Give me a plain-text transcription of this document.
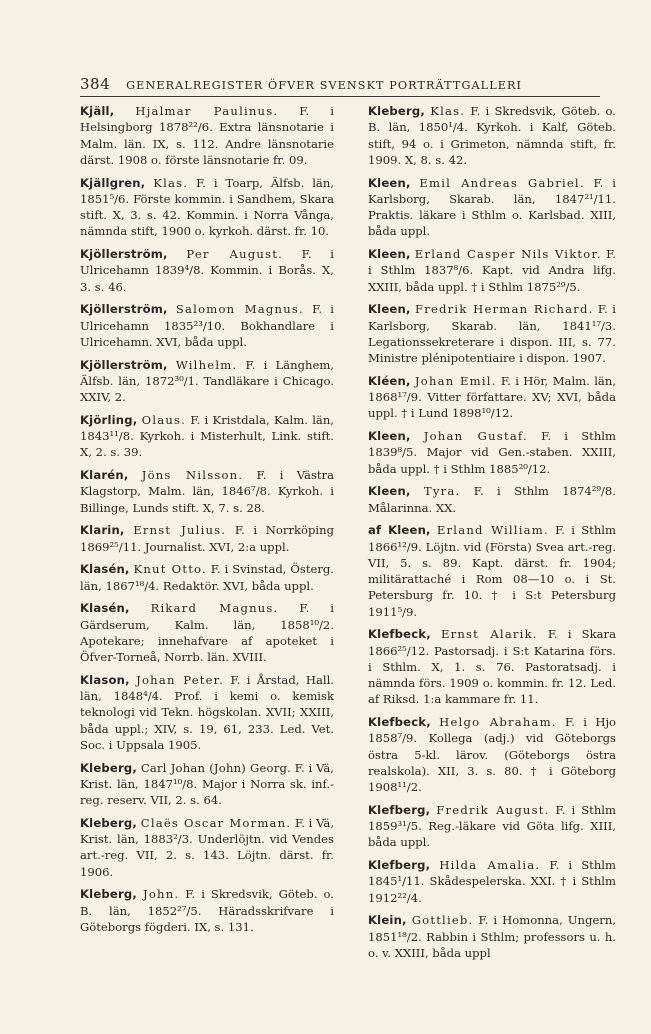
384 GENERALREGISTER ÖFVER SVENSKT PORTRÄTTGALLERI

Kjäll, Hjalmar Paulinus. F. i Helsingborg 1878²²/6. Extra länsnotarie i Malm. län. IX, s. 112. Andre länsnotarie därst. 1908 o. förste länsnotarie fr. 09.

Kjällgren, Klas. F. i Toarp, Älfsb. län, 1851⁵/6. Förste kommin. i Sandhem, Skara stift. X, 3. s. 42. Kommin. i Norra Vånga, nämnda stift, 1900 o. kyrkoh. därst. fr. 10.

Kjöllerström, Per August. F. i Ulricehamn 1839⁴/8. Kommin. i Borås. X, 3. s. 46.

Kjöllerström, Salomon Magnus. F. i Ulricehamn 1835²³/10. Bokhandlare i Ulricehamn. XVI, båda uppl.

Kjöllerström, Wilhelm. F. i Länghem, Älfsb. län, 1872³⁰/1. Tandläkare i Chicago. XXIV, 2.

Kjörling, Olaus. F. i Kristdala, Kalm. län, 1843¹¹/8. Kyrkoh. i Misterhult, Link. stift. X, 2. s. 39.

Klarén, Jöns Nilsson. F. i Västra Klagstorp, Malm. län, 1846⁷/8. Kyrkoh. i Billinge, Lunds stift. X, 7. s. 28.

Klarin, Ernst Julius. F. i Norrköping 1869²⁵/11. Journalist. XVI, 2:a uppl.

Klasén, Knut Otto. F. i Svinstad, Österg. län, 1867¹⁸/4. Redaktör. XVI, båda uppl.

Klasén, Rikard Magnus. F. i Gärdserum, Kalm. län, 1858¹⁰/2. Apotekare; innehafvare af apoteket i Öfver-Torneå, Norrb. län. XVIII.

Klason, Johan Peter. F. i Årstad, Hall. län, 1848⁴/4. Prof. i kemi o. kemisk teknologi vid Tekn. högskolan. XVII; XXIII, båda uppl.; XIV, s. 19, 61, 233. Led. Vet. Soc. i Uppsala 1905.

Kleberg, Carl Johan (John) Georg. F. i Vä, Krist. län, 1847¹⁰/8. Major i Norra sk. inf.-reg. reserv. VII, 2. s. 64.

Kleberg, Claës Oscar Morman. F. i Vä, Krist. län, 1883²/3. Underlöjtn. vid Vendes art.-reg. VII, 2. s. 143. Löjtn. därst. fr. 1906.

Kleberg, John. F. i Skredsvik, Göteb. o. B. län, 1852²⁷/5. Häradsskrifvare i Göteborgs fögderi. IX, s. 131.

Kleberg, Klas. F. i Skredsvik, Göteb. o. B. län, 1850¹/4. Kyrkoh. i Kalf, Göteb. stift, 94 o. i Grimeton, nämnda stift, fr. 1909. X, 8. s. 42.

Kleen, Emil Andreas Gabriel. F. i Karlsborg, Skarab. län, 1847²¹/11. Praktis. läkare i Sthlm o. Karlsbad. XIII, båda uppl.

Kleen, Erland Casper Nils Viktor. F. i Sthlm 1837⁸/6. Kapt. vid Andra lifg. XXIII, båda uppl. † i Sthlm 1875²⁹/5.

Kleen, Fredrik Herman Richard. F. i Karlsborg, Skarab. län, 1841¹⁷/3. Legationssekreterare i dispon. III, s. 77. Ministre plénipotentiaire i dispon. 1907.

Kléen, Johan Emil. F. i Hör, Malm. län, 1868¹⁷/9. Vitter författare. XV; XVI, båda uppl. † i Lund 1898¹⁰/12.

Kleen, Johan Gustaf. F. i Sthlm 1839⁸/5. Major vid Gen.-staben. XXIII, båda uppl. † i Sthlm 1885²⁰/12.

Kleen, Tyra. F. i Sthlm 1874²⁹/8. Målarinna. XX.

af Kleen, Erland William. F. i Sthlm 1866¹²/9. Löjtn. vid (Första) Svea art.-reg. VII, 5. s. 89. Kapt. därst. fr. 1904; militärattaché i Rom 08—10 o. i St. Petersburg fr. 10. † i S:t Petersburg 1911⁵/9.

Klefbeck, Ernst Alarik. F. i Skara 1866²⁵/12. Pastorsadj. i S:t Katarina förs. i Sthlm. X, 1. s. 76. Pastoratsadj. i nämnda förs. 1909 o. kommin. fr. 12. Led. af Riksd. 1:a kammare fr. 11.

Klefbeck, Helgo Abraham. F. i Hjo 1858⁷/9. Kollega (adj.) vid Göteborgs östra 5-kl. lärov. (Göteborgs östra realskola). XII, 3. s. 80. † i Göteborg 1908¹¹/2.

Klefberg, Fredrik August. F. i Sthlm 1859³¹/5. Reg.-läkare vid Göta lifg. XIII, båda uppl.

Klefberg, Hilda Amalia. F. i Sthlm 1845¹/11. Skådespelerska. XXI. † i Sthlm 1912²²/4.

Klein, Gottlieb. F. i Homonna, Ungern, 1851¹⁸/2. Rabbin i Sthlm; professors u. h. o. v. XXIII, båda uppl
